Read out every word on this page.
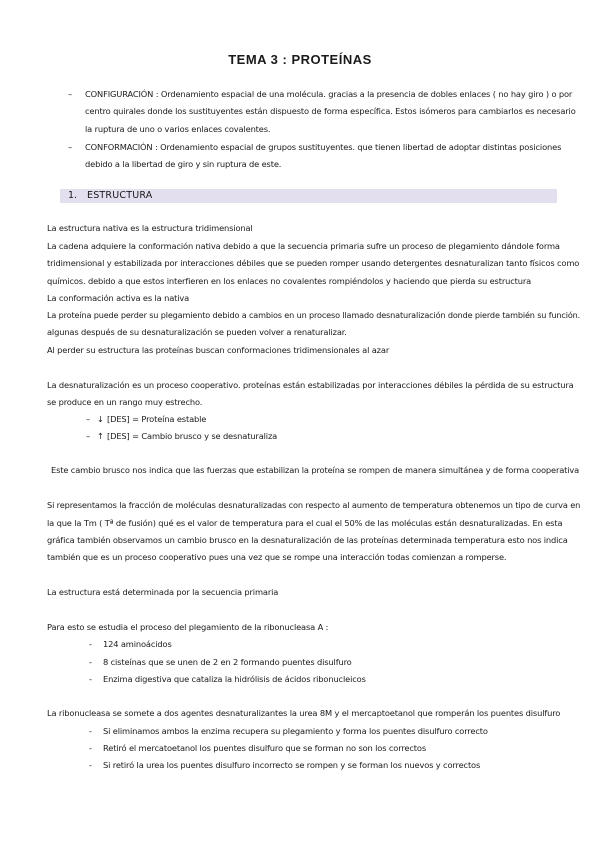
TEMA 3 : PROTEÍNAS
– CONFIGURACIÓN : Ordenamiento espacial de una molécula. gracias a la presencia de dobles enlaces ( no hay giro ) o por
centro quirales donde los sustituyentes están dispuesto de forma específica. Estos isómeros para cambiarlos es necesario
la ruptura de uno o varios enlaces covalentes.
– CONFORMACIÓN : Ordenamiento espacial de grupos sustituyentes. que tienen libertad de adoptar distintas posiciones
debido a la libertad de giro y sin ruptura de este.
1. ESTRUCTURA
La estructura nativa es la estructura tridimensional
La cadena adquiere la conformación nativa debido a que la secuencia primaria sufre un proceso de plegamiento dándole forma
tridimensional y estabilizada por interacciones débiles que se pueden romper usando detergentes desnaturalizan tanto físicos como
químicos. debido a que estos interfieren en los enlaces no covalentes rompiéndolos y haciendo que pierda su estructura
La conformación activa es la nativa
La proteína puede perder su plegamiento debido a cambios en un proceso llamado desnaturalización donde pierde también su función.
algunas después de su desnaturalización se pueden volver a renaturalizar.
Al perder su estructura las proteínas buscan conformaciones tridimensionales al azar
La desnaturalización es un proceso cooperativo. proteínas están estabilizadas por interacciones débiles la pérdida de su estructura
se produce en un rango muy estrecho.
– ↓ [DES] = Proteína estable
– ↑ [DES] = Cambio brusco y se desnaturaliza
Este cambio brusco nos indica que las fuerzas que estabilizan la proteína se rompen de manera simultánea y de forma cooperativa
Si representamos la fracción de moléculas desnaturalizadas con respecto al aumento de temperatura obtenemos un tipo de curva en
la que la Tm ( Tª de fusión) qué es el valor de temperatura para el cual el 50% de las moléculas están desnaturalizadas. En esta
gráfica también observamos un cambio brusco en la desnaturalización de las proteínas determinada temperatura esto nos indica
también que es un proceso cooperativo pues una vez que se rompe una interacción todas comienzan a romperse.
La estructura está determinada por la secuencia primaria
Para esto se estudia el proceso del plegamiento de la ribonucleasa A :
- 124 aminoácidos
- 8 cisteínas que se unen de 2 en 2 formando puentes disulfuro
- Enzima digestiva que cataliza la hidrólisis de ácidos ribonucleicos
La ribonucleasa se somete a dos agentes desnaturalizantes la urea 8M y el mercaptoetanol que romperán los puentes disulfuro
- Si eliminamos ambos la enzima recupera su plegamiento y forma los puentes disulfuro correcto
- Retiró el mercatoetanol los puentes disulfuro que se forman no son los correctos
- Si retiró la urea los puentes disulfuro incorrecto se rompen y se forman los nuevos y correctos
